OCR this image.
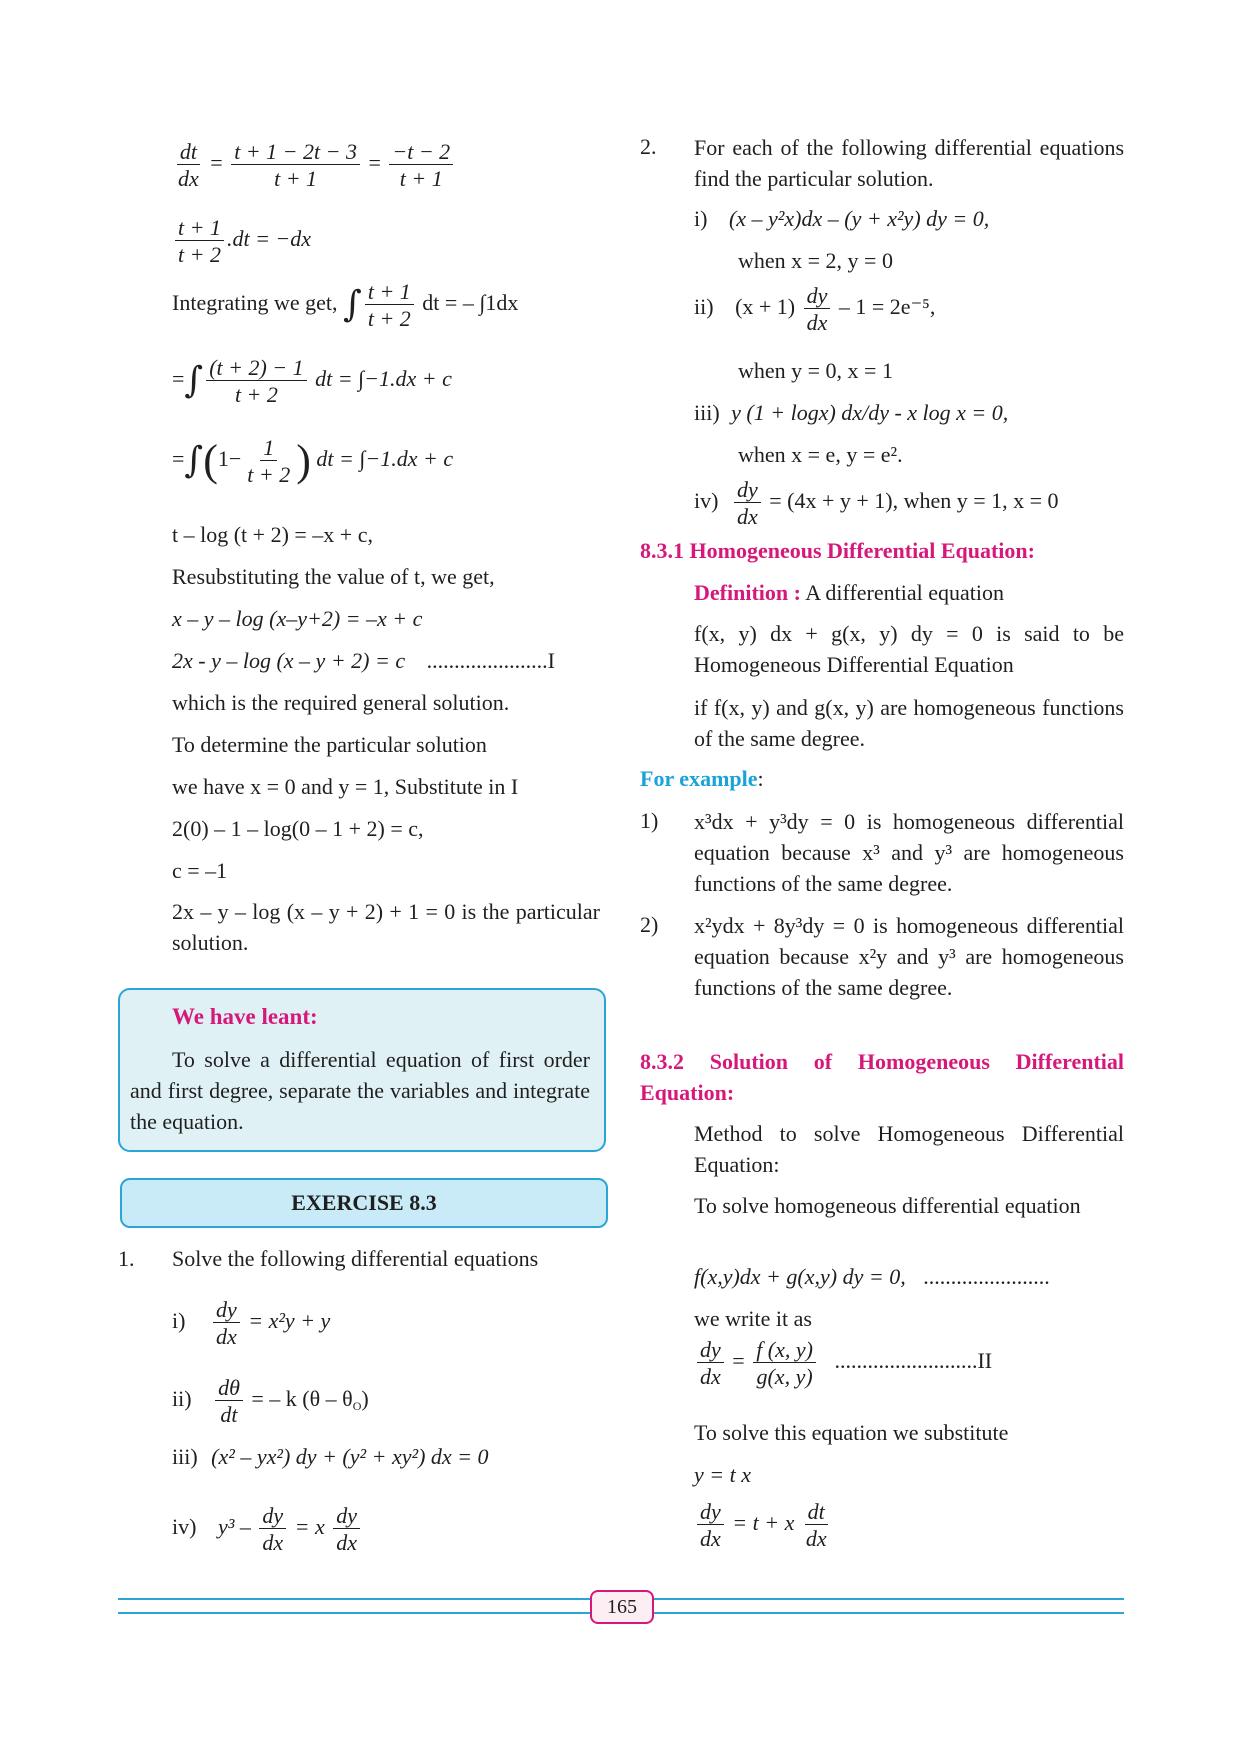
$\frac{dt}{dx} = \frac{t + 1 - 2t - 3}{t + 1} = \frac{-t - 2}{t + 1}$
$\frac{t + 1}{t + 2} .dt = -dx$
Integrating we get, ∫ $\frac{t + 1}{t + 2}$ dt = – ∫1dx
=∫ $\frac{(t + 2) - 1}{t + 2}$ dt = ∫−1.dx + c
$=\int(1- \frac{1}{t + 2}$ ) dt = ∫−1.dx + c
t – log (t + 2) = –x + c,
Resubstituting the value of t, we get,
x – y – log (x–y+2) = –x + c
2x - y – log (x – y + 2) = c ......................I
which is the required general solution.
To determine the particular solution
we have x = 0 and y = 1, Substitute in I
2(0) – 1 – log(0 – 1 + 2) = c,
c = –1
2x – y – log (x – y + 2) + 1 = 0 is the particular solution.
We have leant:
To solve a differential equation of first order and first degree, separate the variables and integrate the equation.
EXERCISE 8.3
1. Solve the following differential equations
$i) \frac{dy}{dx} = x^2y + y$
$ii) \frac{d\theta}{dt}$ = – k $(\theta - \theta_O)$
iii) (x² – yx²) dy + (y² + xy²) dx = 0
iv) $y^3 - \frac{dy}{dx} = x \frac{dy}{dx}$
2. For each of the following differential equations find the particular solution.
i) (x – y²x)dx – (y + x²y) dy = 0,
when x = 2, y = 0
ii) $(x + 1) \frac{dy}{dx} - 1 = 2e^{-5}$,
when y = 0, x = 1
iii) y (1 + logx) dx/dy - x log x = 0,
when x = e, y = e².
$iv) \frac{dy}{dx} = (4x + y + 1)$, when y = 1, x = 0
8.3.1 Homogeneous Differential Equation:
Definition : A differential equation
f(x, y) dx + g(x, y) dy = 0 is said to be Homogeneous Differential Equation
if f(x, y) and g(x, y) are homogeneous functions of the same degree.
For example:
1) x³dx + y³dy = 0 is homogeneous differential equation because x³ and y³ are homogeneous functions of the same degree.
2) x²ydx + 8y³dy = 0 is homogeneous differential equation because x²y and y³ are homogeneous functions of the same degree.
8.3.2 Solution of Homogeneous Differential Equation:
Method to solve Homogeneous Differential Equation:
To solve homogeneous differential equation
f(x,y)dx + g(x,y) dy = 0, .......................
we write it as
$\frac{dy}{dx} = \frac{f (x, y)}{g(x, y)} ..........................II$
To solve this equation we substitute
y = t x
$\frac{dy}{dx} = t + x \frac{dt}{dx}$
165
